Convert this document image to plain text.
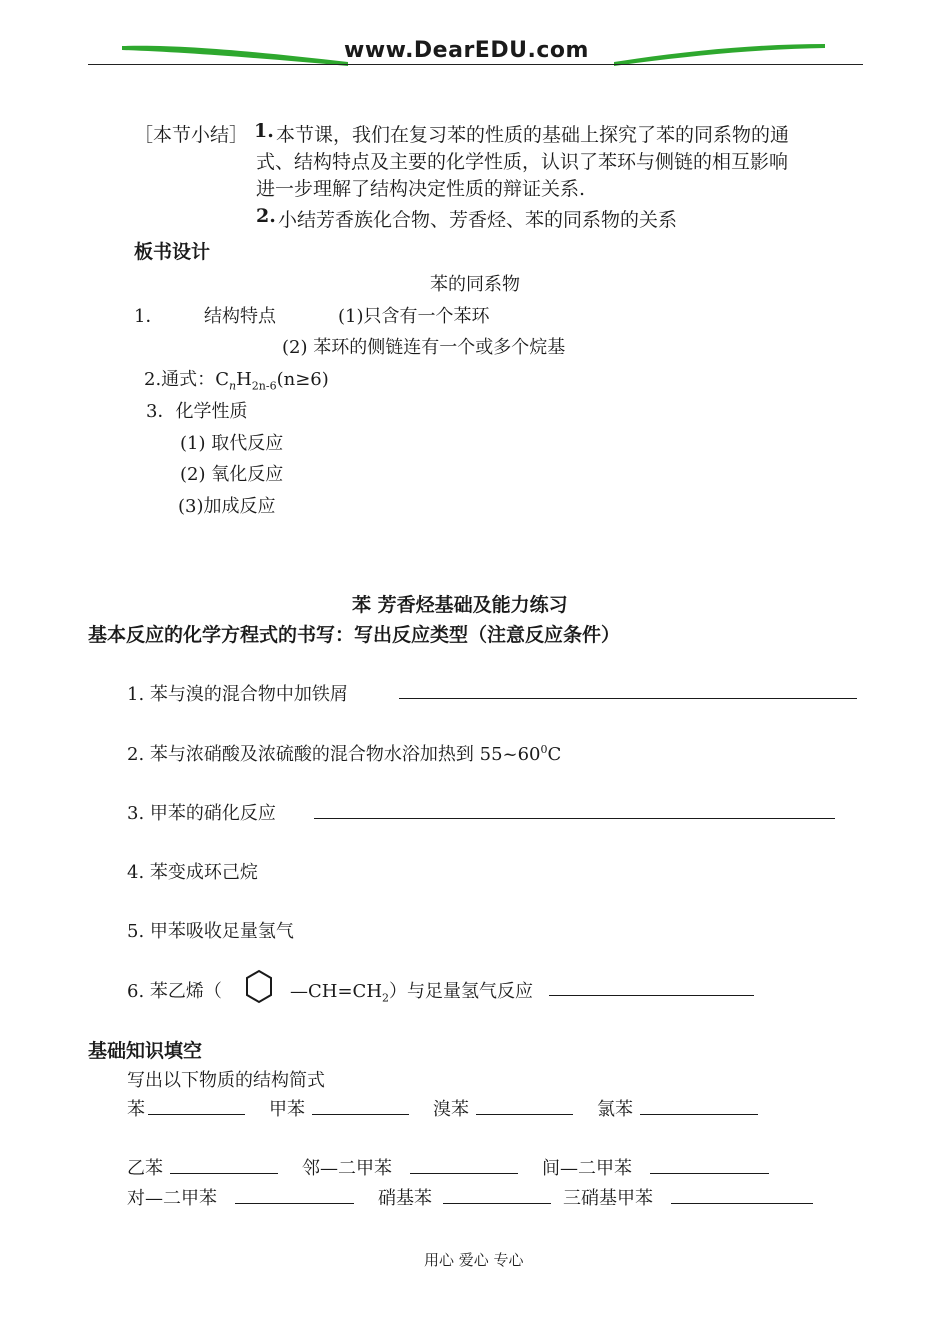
www.DearEDU.com
［本节小结］ 1. 本节课，我们在复习苯的性质的基础上探究了苯的同系物的通
式、结构特点及主要的化学性质，认识了苯环与侧链的相互影响
进一步理解了结构决定性质的辩证关系.
2. 小结芳香族化合物、芳香烃、苯的同系物的关系
板书设计
苯的同系物
1． 结构特点	(1)只含有一个苯环
(2) 苯环的侧链连有一个或多个烷基
2.通式：$C_nH_{2n-6}(n\ge 6)$
3．化学性质
(1) 取代反应
(2) 氧化反应
(3)加成反应
苯 芳香烃基础及能力练习
基本反应的化学方程式的书写：写出反应类型（注意反应条件）
1. 苯与溴的混合物中加铁屑
2. 苯与浓硝酸及浓硫酸的混合物水浴加热到 $55\sim 60^0C$
3. 甲苯的硝化反应
4. 苯变成环己烷
5. 甲苯吸收足量氢气
6. 苯乙烯（	$—CH=CH_2$）与足量氢气反应
基础知识填空
写出以下物质的结构简式
苯	甲苯	溴苯	氯苯
乙苯	邻—二甲苯	间—二甲苯
对—二甲苯	硝基苯	三硝基甲苯
用心 爱心 专心
